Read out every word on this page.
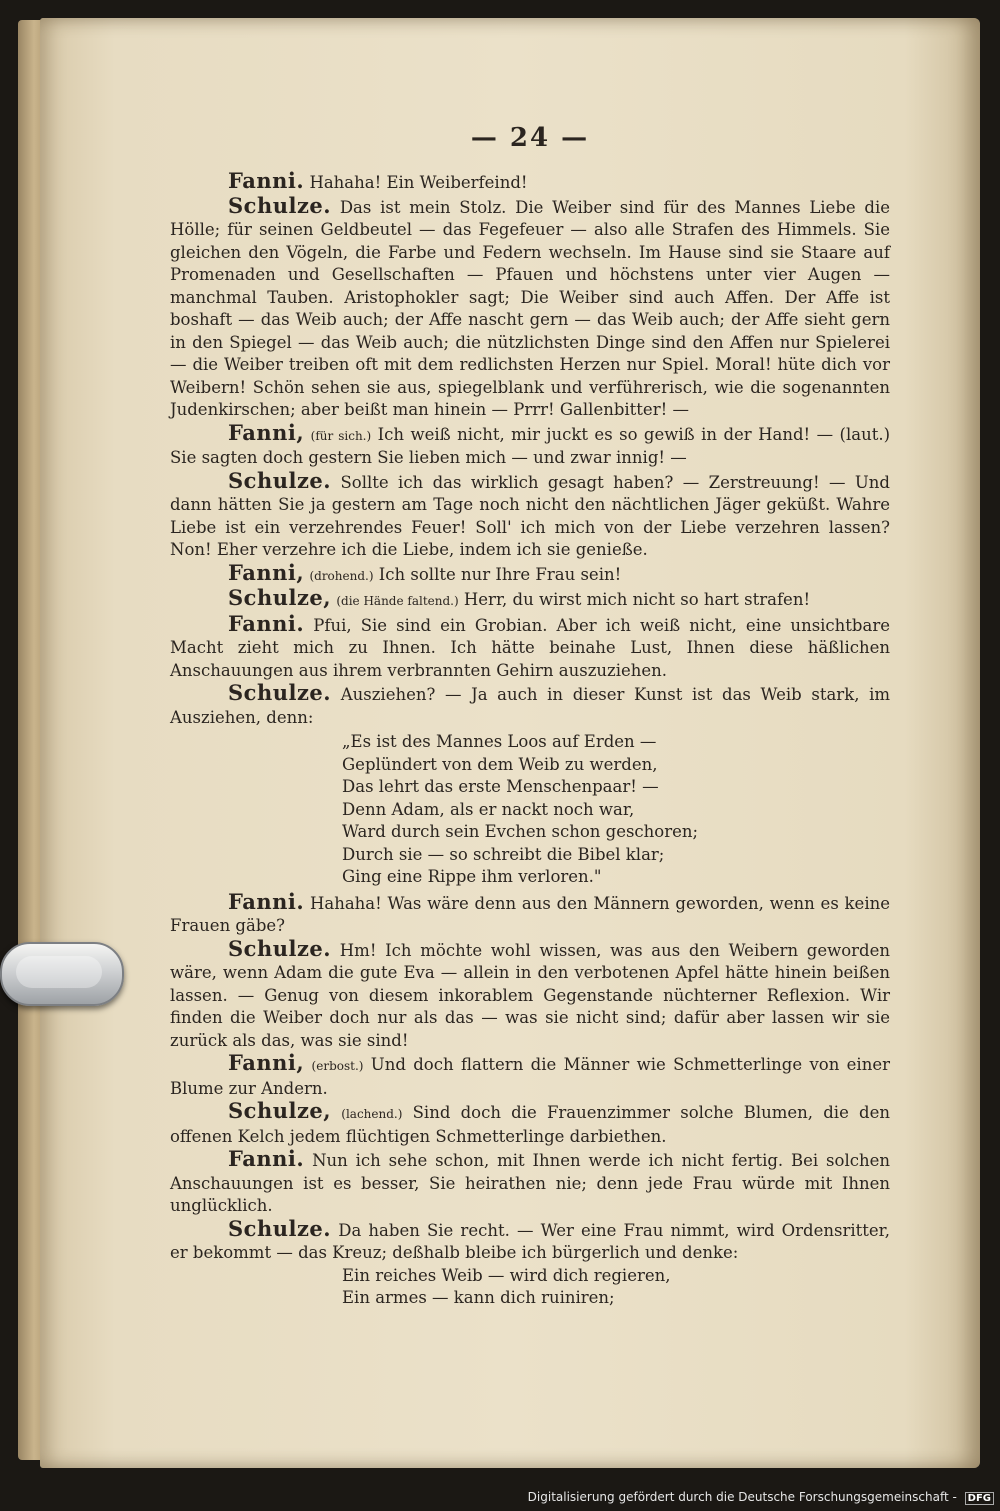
— 24 —

Fanni. Hahaha! Ein Weiberfeind!

Schulze. Das ist mein Stolz. Die Weiber sind für des Mannes Liebe die Hölle; für seinen Geldbeutel — das Fegefeuer — also alle Strafen des Himmels. Sie gleichen den Vögeln, die Farbe und Federn wechseln. Im Hause sind sie Staare auf Promenaden und Gesellschaften — Pfauen und höchstens unter vier Augen — manchmal Tauben. Aristophokler sagt; Die Weiber sind auch Affen. Der Affe ist boshaft — das Weib auch; der Affe nascht gern — das Weib auch; der Affe sieht gern in den Spiegel — das Weib auch; die nützlichsten Dinge sind den Affen nur Spielerei — die Weiber treiben oft mit dem redlichsten Herzen nur Spiel. Moral! hüte dich vor Weibern! Schön sehen sie aus, spiegelblank und verführerisch, wie die sogenannten Judenkirschen; aber beißt man hinein — Prrr! Gallenbitter! —

Fanni, (für sich.) Ich weiß nicht, mir juckt es so gewiß in der Hand! — (laut.) Sie sagten doch gestern Sie lieben mich — und zwar innig! —

Schulze. Sollte ich das wirklich gesagt haben? — Zerstreuung! — Und dann hätten Sie ja gestern am Tage noch nicht den nächtlichen Jäger geküßt. Wahre Liebe ist ein verzehrendes Feuer! Soll' ich mich von der Liebe verzehren lassen? Non! Eher verzehre ich die Liebe, indem ich sie genieße.

Fanni, (drohend.) Ich sollte nur Ihre Frau sein!

Schulze, (die Hände faltend.) Herr, du wirst mich nicht so hart strafen!

Fanni. Pfui, Sie sind ein Grobian. Aber ich weiß nicht, eine unsichtbare Macht zieht mich zu Ihnen. Ich hätte beinahe Lust, Ihnen diese häßlichen Anschauungen aus ihrem verbrannten Gehirn auszuziehen.

Schulze. Ausziehen? — Ja auch in dieser Kunst ist das Weib stark, im Ausziehen, denn:

„Es ist des Mannes Loos auf Erden —
Geplündert von dem Weib zu werden,
Das lehrt das erste Menschenpaar! —
Denn Adam, als er nackt noch war,
Ward durch sein Evchen schon geschoren;
Durch sie — so schreibt die Bibel klar;
Ging eine Rippe ihm verloren."

Fanni. Hahaha! Was wäre denn aus den Männern geworden, wenn es keine Frauen gäbe?

Schulze. Hm! Ich möchte wohl wissen, was aus den Weibern geworden wäre, wenn Adam die gute Eva — allein in den verbotenen Apfel hätte hinein beißen lassen. — Genug von diesem inkorablem Gegenstande nüchterner Reflexion. Wir finden die Weiber doch nur als das — was sie nicht sind; dafür aber lassen wir sie zurück als das, was sie sind!

Fanni, (erbost.) Und doch flattern die Männer wie Schmetterlinge von einer Blume zur Andern.

Schulze, (lachend.) Sind doch die Frauenzimmer solche Blumen, die den offenen Kelch jedem flüchtigen Schmetterlinge darbiethen.

Fanni. Nun ich sehe schon, mit Ihnen werde ich nicht fertig. Bei solchen Anschauungen ist es besser, Sie heirathen nie; denn jede Frau würde mit Ihnen unglücklich.

Schulze. Da haben Sie recht. — Wer eine Frau nimmt, wird Ordensritter, er bekommt — das Kreuz; deßhalb bleibe ich bürgerlich und denke:

Ein reiches Weib — wird dich regieren,
Ein armes — kann dich ruiniren;
Digitalisierung gefördert durch die Deutsche Forschungsgemeinschaft - DFG
